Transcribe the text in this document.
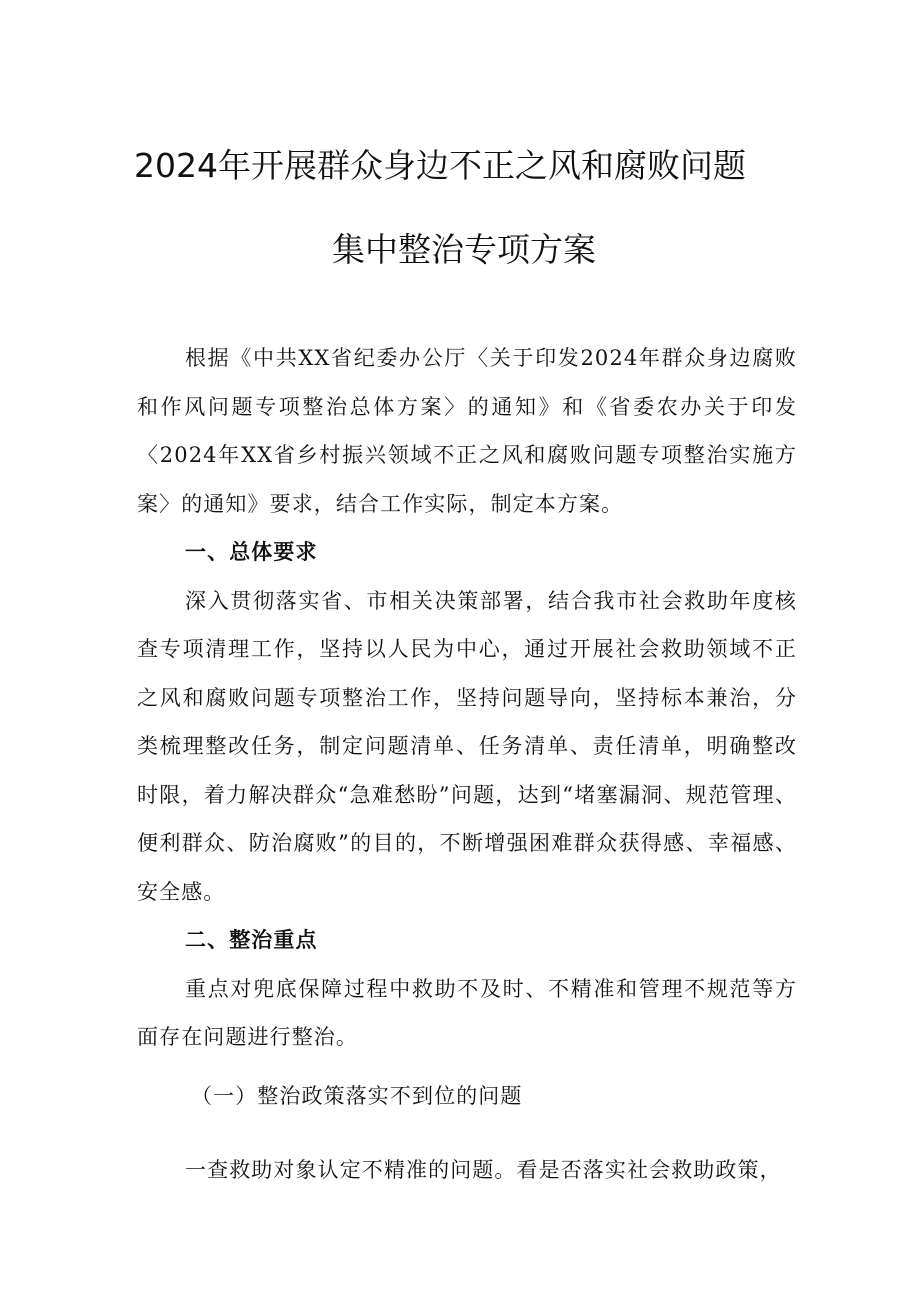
2024年开展群众身边不正之风和腐败问题
集中整治专项方案

根据《中共XX省纪委办公厅〈关于印发2024年群众身边腐败和作风问题专项整治总体方案〉的通知》和《省委农办关于印发〈2024年XX省乡村振兴领域不正之风和腐败问题专项整治实施方案〉的通知》要求，结合工作实际，制定本方案。

一、总体要求

深入贯彻落实省、市相关决策部署，结合我市社会救助年度核查专项清理工作，坚持以人民为中心，通过开展社会救助领域不正之风和腐败问题专项整治工作，坚持问题导向，坚持标本兼治，分类梳理整改任务，制定问题清单、任务清单、责任清单，明确整改时限，着力解决群众“急难愁盼”问题，达到“堵塞漏洞、规范管理、便利群众、防治腐败”的目的，不断增强困难群众获得感、幸福感、安全感。

二、整治重点

重点对兜底保障过程中救助不及时、不精准和管理不规范等方面存在问题进行整治。

（一）整治政策落实不到位的问题

一查救助对象认定不精准的问题。看是否落实社会救助政策，
